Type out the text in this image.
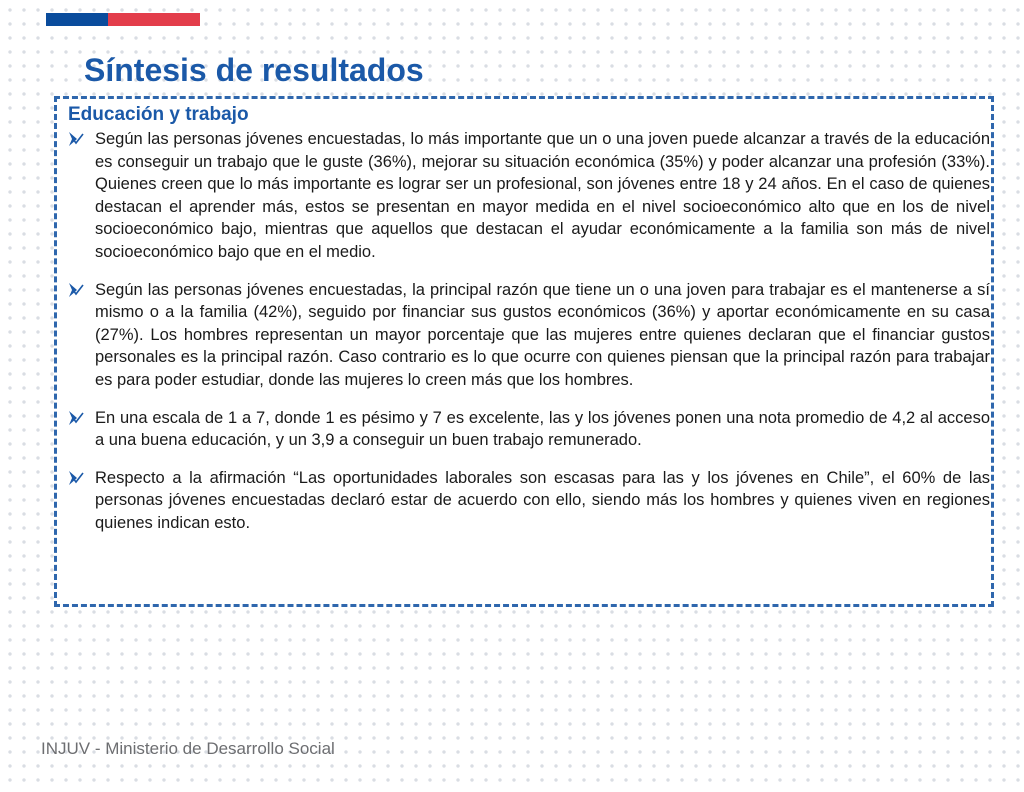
Síntesis de resultados
Educación y trabajo

Según las personas jóvenes encuestadas, lo más importante que un o una joven puede alcanzar a través de la educación es conseguir un trabajo que le guste (36%), mejorar su situación económica (35%) y poder alcanzar una profesión (33%). Quienes creen que lo más importante es lograr ser un profesional, son jóvenes entre 18 y 24 años. En el caso de quienes destacan el aprender más, estos se presentan en mayor medida en el nivel socioeconómico alto que en los de nivel socioeconómico bajo, mientras que aquellos que destacan el ayudar económicamente a la familia son más de nivel socioeconómico bajo que en el medio.

Según las personas jóvenes encuestadas, la principal razón que tiene un o una joven para trabajar es el mantenerse a sí mismo o a la familia (42%), seguido por financiar sus gustos económicos (36%) y aportar económicamente en su casa (27%). Los hombres representan un mayor porcentaje que las mujeres entre quienes declaran que el financiar gustos personales es la principal razón. Caso contrario es lo que ocurre con quienes piensan que la principal razón para trabajar es para poder estudiar, donde las mujeres lo creen más que los hombres.

En una escala de 1 a 7, donde 1 es pésimo y 7 es excelente, las y los jóvenes ponen una nota promedio de 4,2 al acceso a una buena educación, y un 3,9 a conseguir un buen trabajo remunerado.

Respecto a la afirmación “Las oportunidades laborales son escasas para las y los jóvenes en Chile”, el 60% de las personas jóvenes encuestadas declaró estar de acuerdo con ello, siendo más los hombres y quienes viven en regiones quienes indican esto.

INJUV - Ministerio de Desarrollo Social
